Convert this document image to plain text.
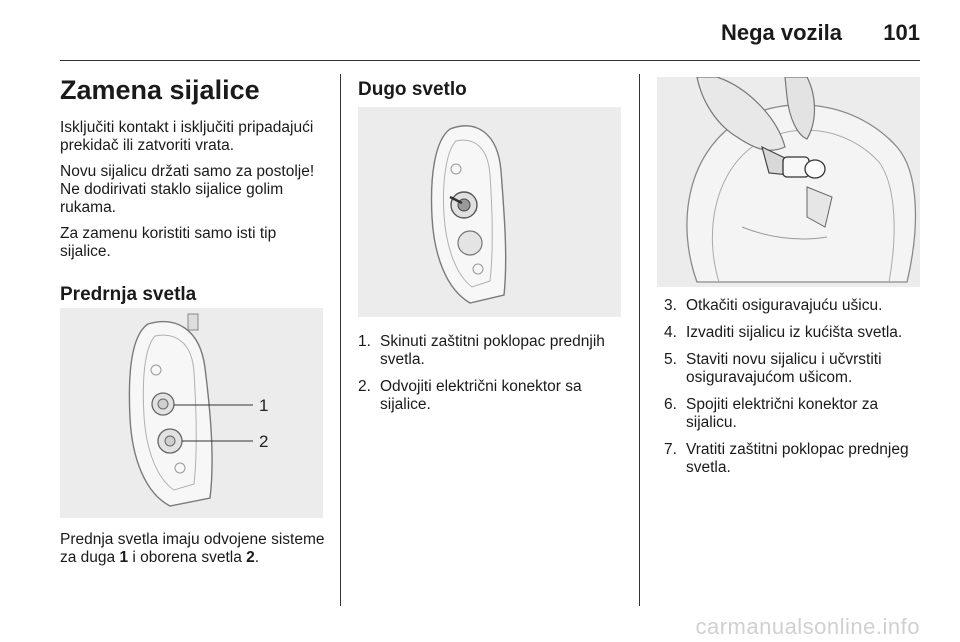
Nega vozila 101
Zamena sijalice

Isključiti kontakt i isključiti pripadajući prekidač ili zatvoriti vrata.

Novu sijalicu držati samo za postolje! Ne dodirivati staklo sijalice golim rukama.

Za zamenu koristiti samo isti tip sijalice.

Predrnja svetla
1
2

Prednja svetla imaju odvojene sisteme za duga 1 i oborena svetla 2.

Dugo svetlo
1. Skinuti zaštitni poklopac prednjih svetla.
2. Odvojiti električni konektor sa sijalice.
3. Otkačiti osiguravajuću ušicu.
4. Izvaditi sijalicu iz kućišta svetla.
5. Staviti novu sijalicu i učvrstiti osiguravajućom ušicom.
6. Spojiti električni konektor za sijalicu.
7. Vratiti zaštitni poklopac prednjeg svetla.
carmanualsonline.info
